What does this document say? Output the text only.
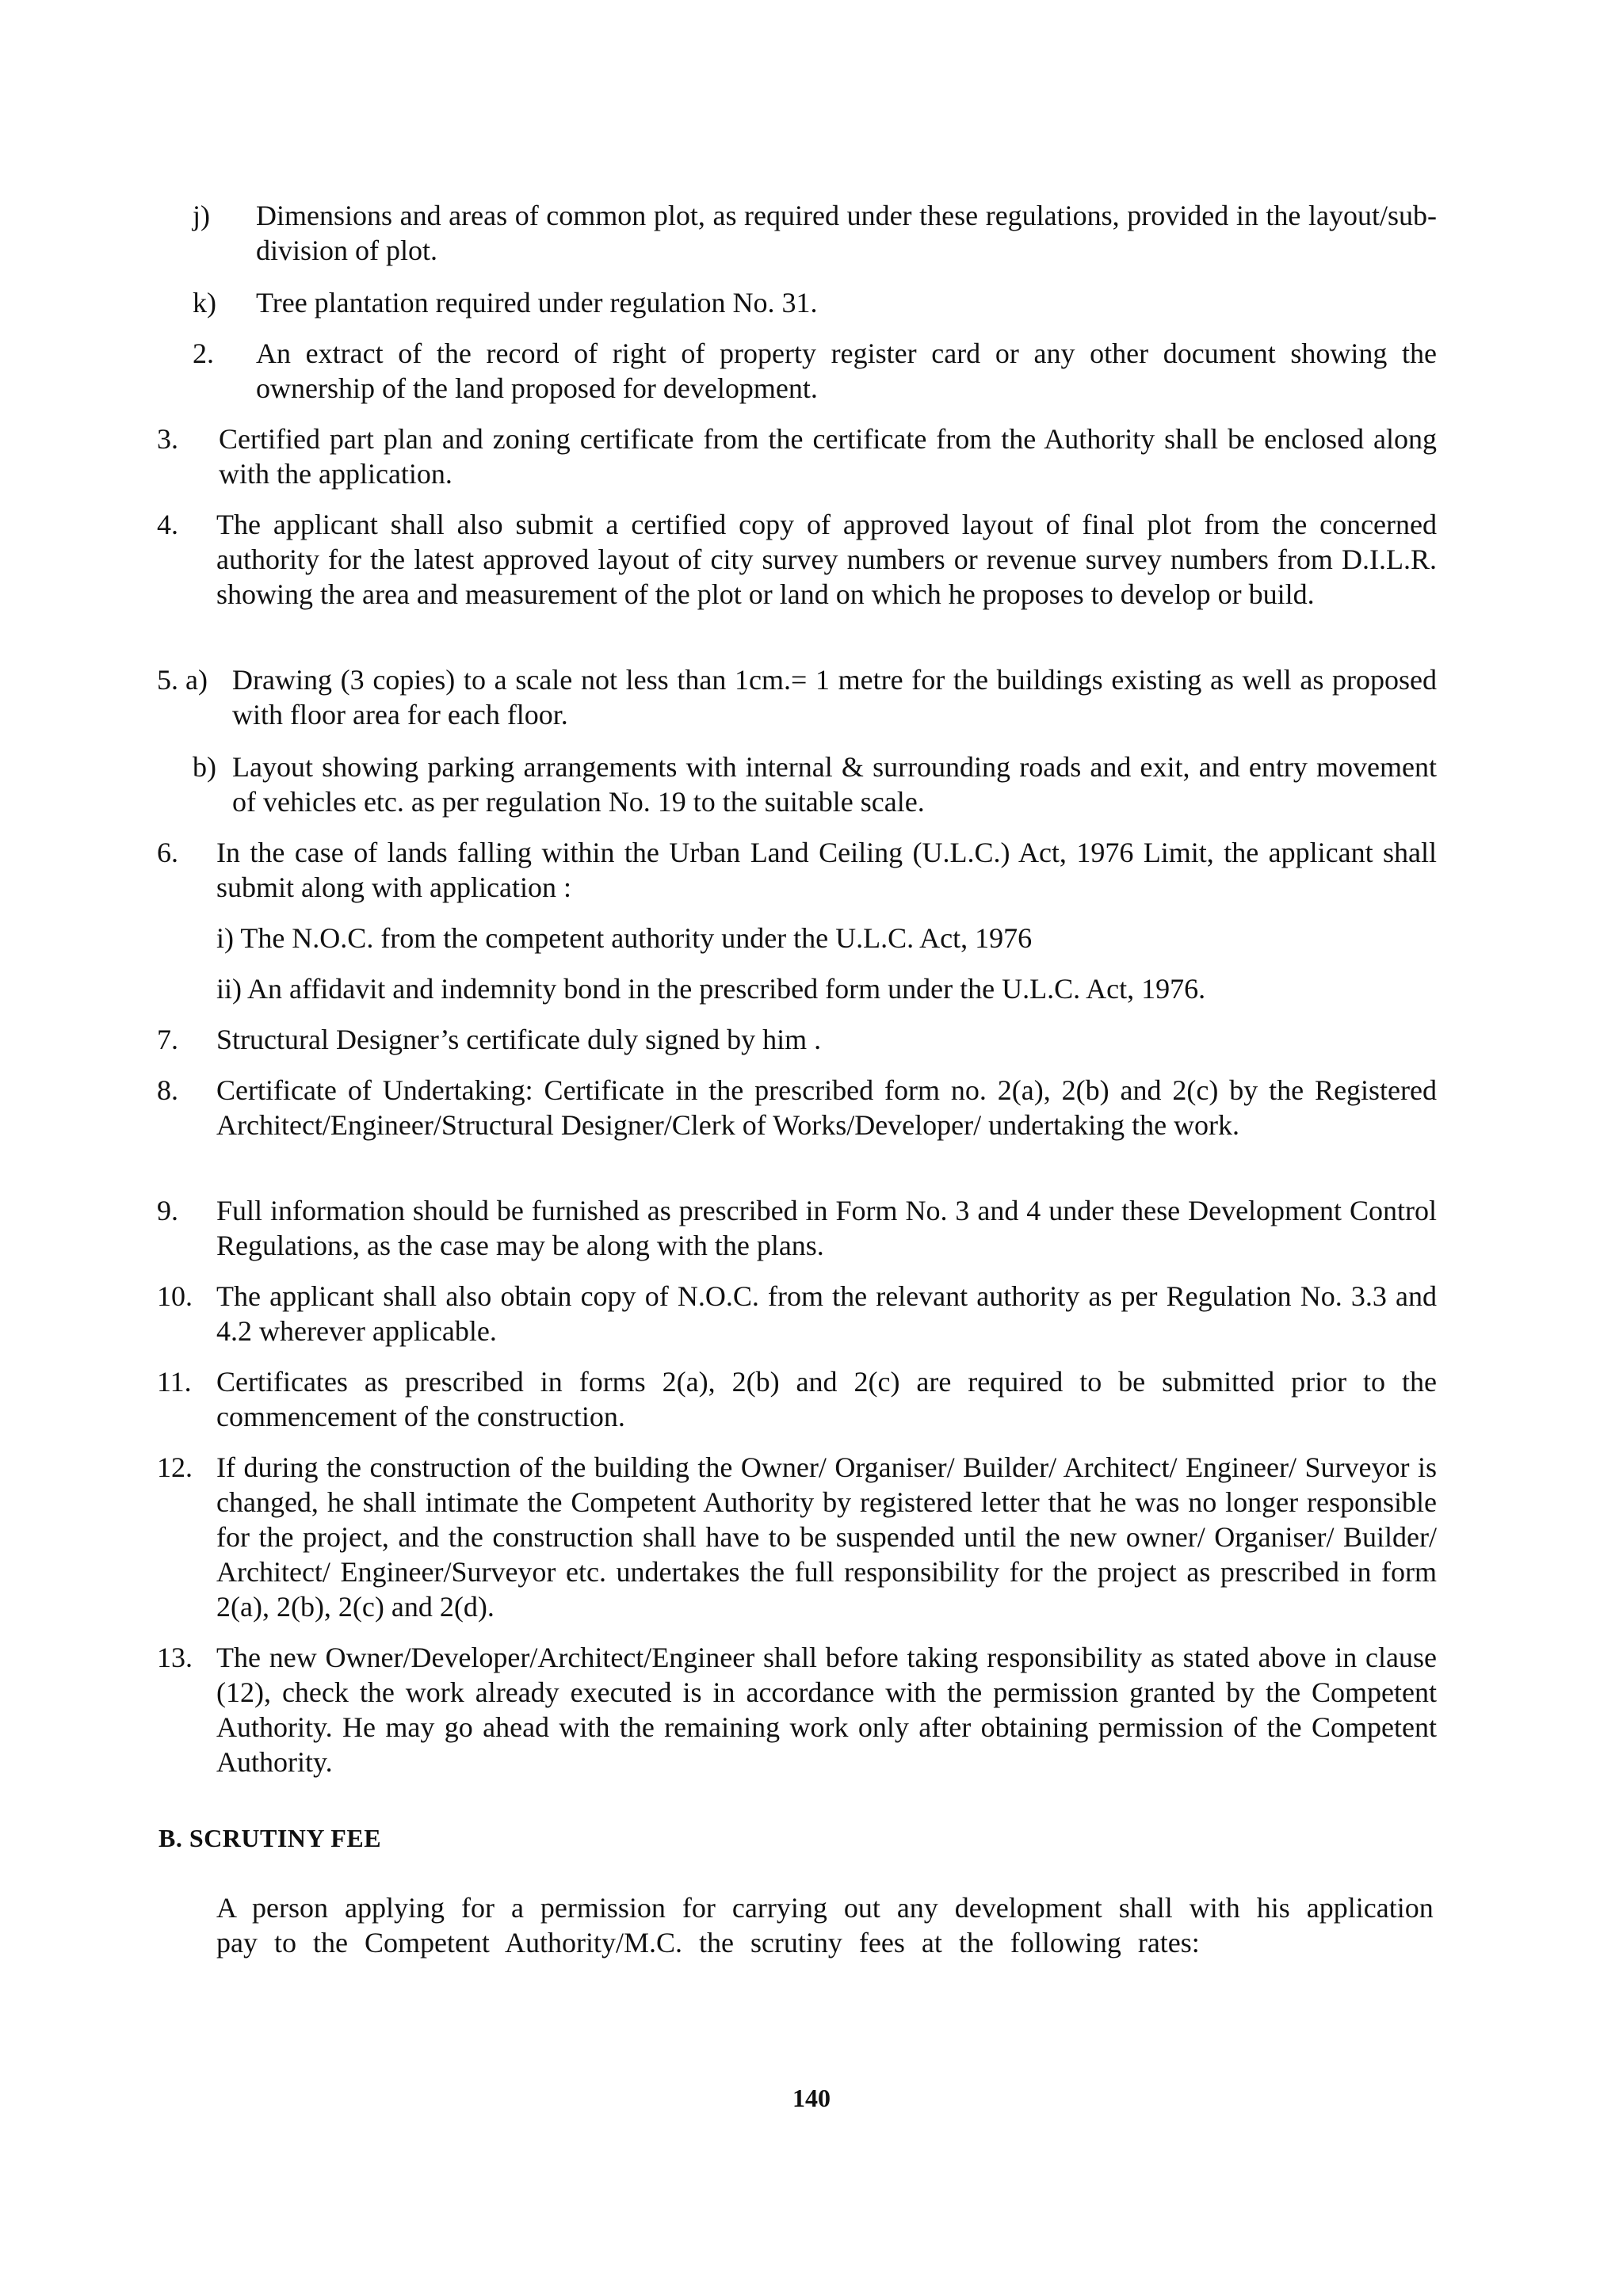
j)	Dimensions and areas of common plot, as required under these regulations, provided in the layout/sub-division of plot.
k)	Tree plantation required under regulation No. 31.
2.	An extract of the record of right of property register card or any other document showing the ownership of the land proposed for development.
3.	Certified part plan and zoning certificate from the certificate from the Authority shall be enclosed along with the application.
4.	The applicant shall also submit a certified copy of approved layout of final plot from the concerned authority for the latest approved layout of city survey numbers or revenue survey numbers from D.I.L.R. showing the area and measurement of the plot or land on which he proposes to develop or build.
5. a) Drawing (3 copies) to a scale not less than 1cm.= 1 metre for the buildings existing as well as proposed with floor area for each floor.
b) Layout showing parking arrangements with internal & surrounding roads and exit, and entry movement of vehicles etc. as per regulation No. 19 to the suitable scale.
6.	In the case of lands falling within the Urban Land Ceiling (U.L.C.) Act, 1976 Limit, the applicant shall submit along with application :
i) The N.O.C. from the competent authority under the U.L.C. Act, 1976
ii) An affidavit and indemnity bond in the prescribed form under the U.L.C. Act, 1976.
7.	Structural Designer’s certificate duly signed by him .
8.	Certificate of Undertaking: Certificate in the prescribed form no. 2(a), 2(b) and 2(c) by the Registered Architect/Engineer/Structural Designer/Clerk of Works/Developer/ undertaking the work.
9.	Full information should be furnished as prescribed in Form No. 3 and 4 under these Development Control Regulations, as the case may be along with the plans.
10. The applicant shall also obtain copy of N.O.C. from the relevant authority as per Regulation No. 3.3 and 4.2 wherever applicable.
11. Certificates as prescribed in forms 2(a), 2(b) and 2(c) are required to be submitted prior to the commencement of the construction.
12. If during the construction of the building the Owner/ Organiser/ Builder/ Architect/ Engineer/ Surveyor is changed, he shall intimate the Competent Authority by registered letter that he was no longer responsible for the project, and the construction shall have to be suspended until the new owner/ Organiser/ Builder/ Architect/ Engineer/Surveyor etc. undertakes the full responsibility for the project as prescribed in form 2(a), 2(b), 2(c) and 2(d).
13. The new Owner/Developer/Architect/Engineer shall before taking responsibility as stated above in clause (12), check the work already executed is in accordance with the permission granted by the Competent Authority. He may go ahead with the remaining work only after obtaining permission of the Competent Authority.
B. SCRUTINY FEE
A person applying for a permission for carrying out any development shall with his application pay to the Competent Authority/M.C. the scrutiny fees at the following rates:
140
